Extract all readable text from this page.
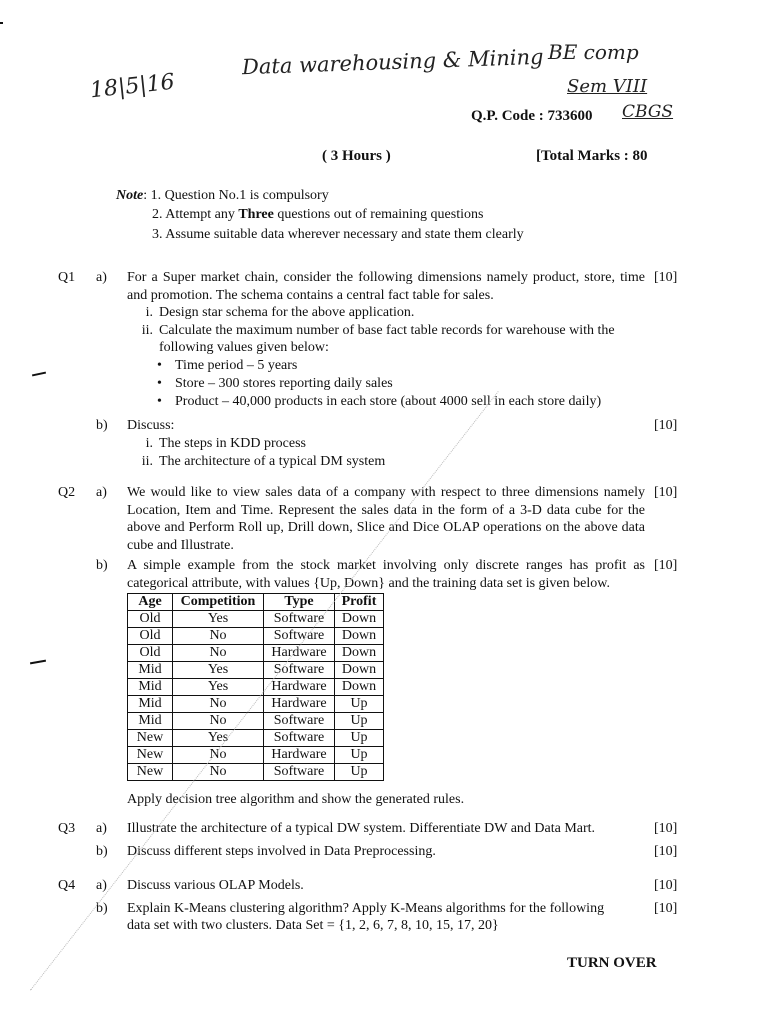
18|5|16
Data warehousing & Mining BE comp
Sem VIII
Q.P. Code : 733600 CBGS
( 3 Hours )	[Total Marks : 80
Note: 1. Question No.1 is compulsory
2. Attempt any Three questions out of remaining questions
3. Assume suitable data wherever necessary and state them clearly
Q1 a) For a Super market chain, consider the following dimensions namely product, store, time and promotion. The schema contains a central fact table for sales.
[10]
i. Design star schema for the above application.
ii. Calculate the maximum number of base fact table records for warehouse with the
following values given below:
• Time period – 5 years
• Store – 300 stores reporting daily sales
• Product – 40,000 products in each store (about 4000 sell in each store daily)
b) Discuss:	[10]
i. The steps in KDD process
ii. The architecture of a typical DM system
Q2 a) We would like to view sales data of a company with respect to three dimensions namely Location, Item and Time. Represent the sales data in the form of a 3-D data cube for the above and Perform Roll up, Drill down, Slice and Dice OLAP operations on the above data cube and Illustrate.
[10]
b) A simple example from the stock market involving only discrete ranges has profit as categorical attribute, with values {Up, Down} and the training data set is given below.
[10]
Age	Competition	Type	Profit
Old	Yes	Software	Down
Old	No	Software	Down
Old	No	Hardware	Down
Mid	Yes	Software	Down
Mid	Yes	Hardware	Down
Mid	No	Hardware	Up
Mid	No	Software	Up
New	Yes	Software	Up
New	No	Hardware	Up
New	No	Software	Up
Apply decision tree algorithm and show the generated rules.
Q3 a) Illustrate the architecture of a typical DW system. Differentiate DW and Data Mart.	[10]
b) Discuss different steps involved in Data Preprocessing.	[10]
Q4 a) Discuss various OLAP Models.	[10]
b) Explain K-Means clustering algorithm? Apply K-Means algorithms for the following
data set with two clusters. Data Set = {1, 2, 6, 7, 8, 10, 15, 17, 20}
[10]
TURN OVER
